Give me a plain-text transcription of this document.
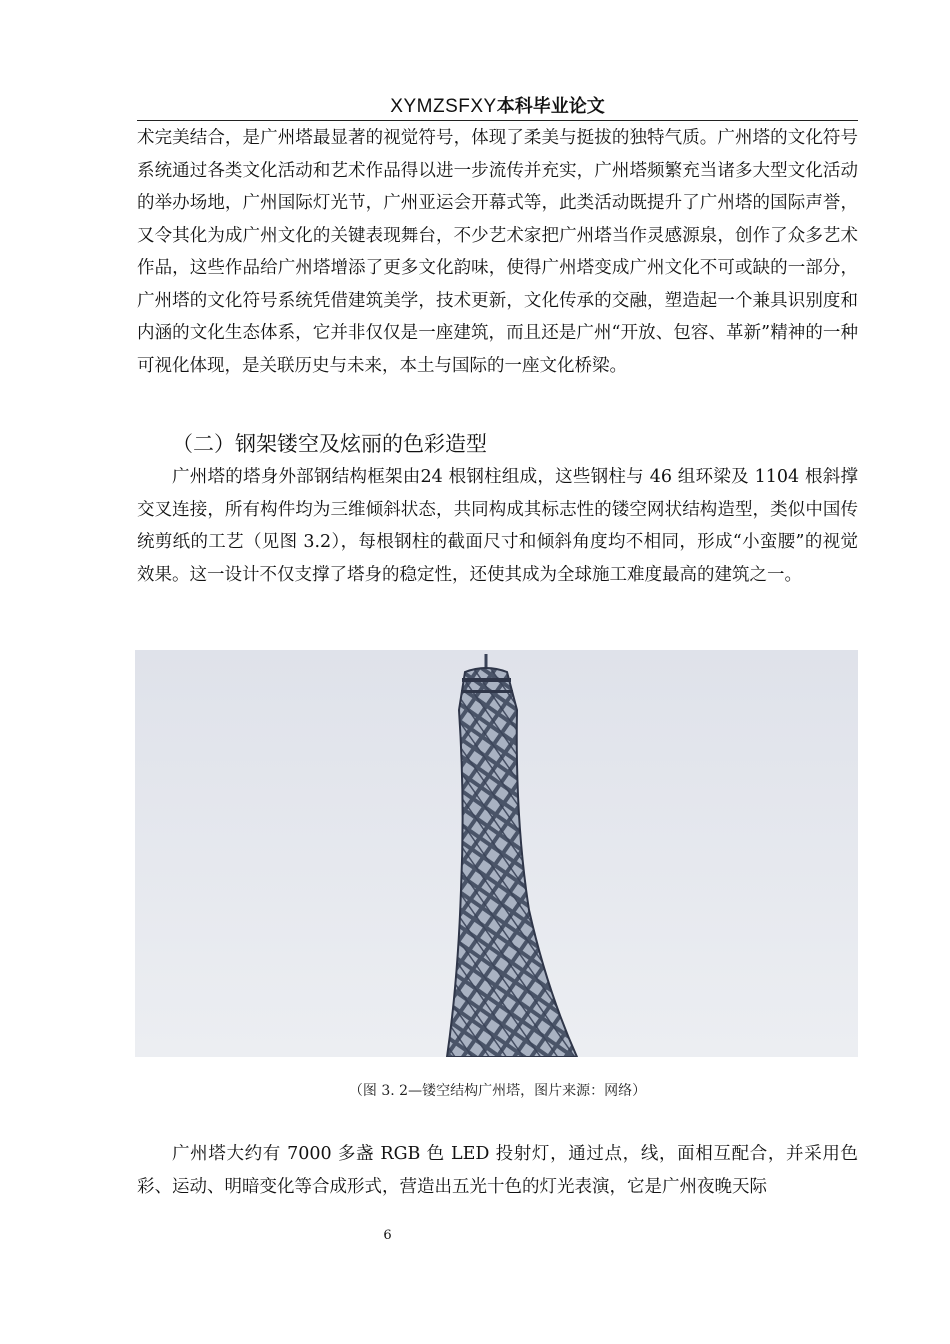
XYMZSFXY本科毕业论文

术完美结合，是广州塔最显著的视觉符号，体现了柔美与挺拔的独特气质。广州塔的文化符号系统通过各类文化活动和艺术作品得以进一步流传并充实，广州塔频繁充当诸多大型文化活动的举办场地，广州国际灯光节，广州亚运会开幕式等，此类活动既提升了广州塔的国际声誉，又令其化为成广州文化的关键表现舞台，不少艺术家把广州塔当作灵感源泉，创作了众多艺术作品，这些作品给广州塔增添了更多文化韵味，使得广州塔变成广州文化不可或缺的一部分，广州塔的文化符号系统凭借建筑美学，技术更新，文化传承的交融，塑造起一个兼具识别度和内涵的文化生态体系，它并非仅仅是一座建筑，而且还是广州“开放、包容、革新”精神的一种可视化体现，是关联历史与未来，本土与国际的一座文化桥梁。

（二）钢架镂空及炫丽的色彩造型

广州塔的塔身外部钢结构框架由24 根钢柱组成，这些钢柱与 46 组环梁及 1104 根斜撑交叉连接，所有构件均为三维倾斜状态，共同构成其标志性的镂空网状结构造型，类似中国传统剪纸的工艺（见图 3.2），每根钢柱的截面尺寸和倾斜角度均不相同，形成“小蛮腰”的视觉效果。这一设计不仅支撑了塔身的稳定性，还使其成为全球施工难度最高的建筑之一。

（图 3. 2—镂空结构广州塔，图片来源：网络）

广州塔大约有 7000 多盏 RGB 色 LED 投射灯，通过点，线，面相互配合，并采用色彩、运动、明暗变化等合成形式，营造出五光十色的灯光表演，它是广州夜晚天际

6
